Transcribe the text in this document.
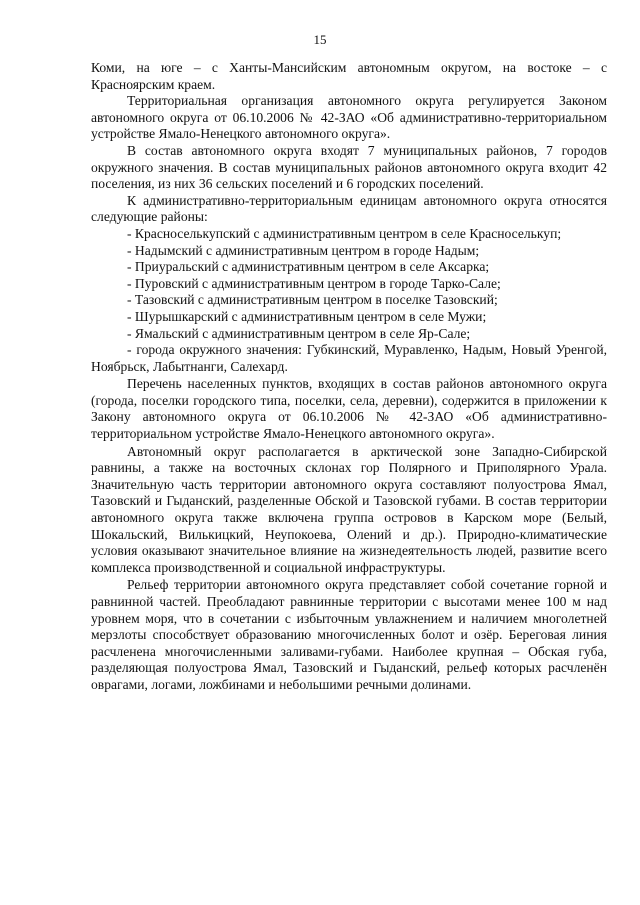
15

Коми, на юге – с Ханты-Мансийским автономным округом, на востоке – с Красноярским краем.

Территориальная организация автономного округа регулируется Законом автономного округа от 06.10.2006 № 42-ЗАО «Об административно-территориальном устройстве Ямало-Ненецкого автономного округа».

В состав автономного округа входят 7 муниципальных районов, 7 городов окружного значения. В состав муниципальных районов автономного округа входит 42 поселения, из них 36 сельских поселений и 6 городских поселений.

К административно-территориальным единицам автономного округа относятся следующие районы:

- Красноселькупский с административным центром в селе Красноселькуп;
- Надымский с административным центром в городе Надым;
- Приуральский с административным центром в селе Аксарка;
- Пуровский с административным центром в городе Тарко-Сале;
- Тазовский с административным центром в поселке Тазовский;
- Шурышкарский с административным центром в селе Мужи;
- Ямальский с административным центром в селе Яр-Сале;
- города окружного значения: Губкинский, Муравленко, Надым, Новый Уренгой, Ноябрьск, Лабытнанги, Салехард.

Перечень населенных пунктов, входящих в состав районов автономного округа (города, поселки городского типа, поселки, села, деревни), содержится в приложении к Закону автономного округа от 06.10.2006 № 42-ЗАО «Об административно-территориальном устройстве Ямало-Ненецкого автономного округа».

Автономный округ располагается в арктической зоне Западно-Сибирской равнины, а также на восточных склонах гор Полярного и Приполярного Урала. Значительную часть территории автономного округа составляют полуострова Ямал, Тазовский и Гыданский, разделенные Обской и Тазовской губами. В состав территории автономного округа также включена группа островов в Карском море (Белый, Шокальский, Вилькицкий, Неупокоева, Олений и др.). Природно-климатические условия оказывают значительное влияние на жизнедеятельность людей, развитие всего комплекса производственной и социальной инфраструктуры.

Рельеф территории автономного округа представляет собой сочетание горной и равнинной частей. Преобладают равнинные территории с высотами менее 100 м над уровнем моря, что в сочетании с избыточным увлажнением и наличием многолетней мерзлоты способствует образованию многочисленных болот и озёр. Береговая линия расчленена многочисленными заливами-губами. Наиболее крупная – Обская губа, разделяющая полуострова Ямал, Тазовский и Гыданский, рельеф которых расчленён оврагами, логами, ложбинами и небольшими речными долинами.
